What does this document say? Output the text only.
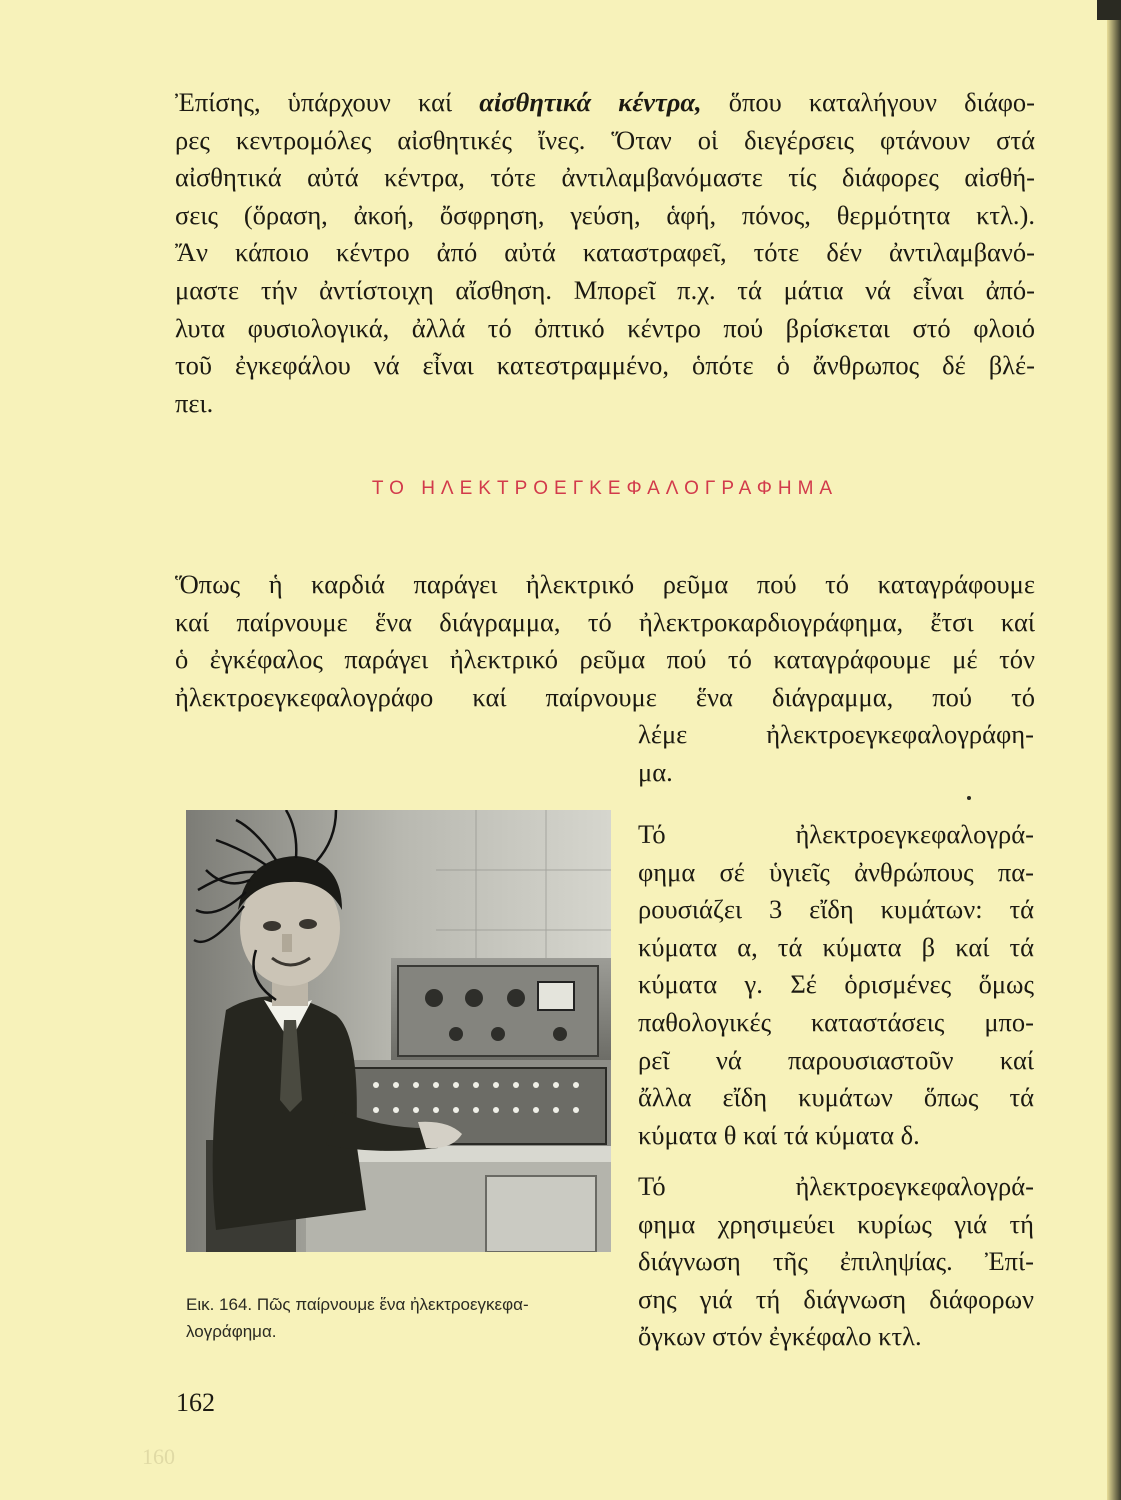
Ἐπίσης, ὑπάρχουν καί αἰσθητικά κέντρα, ὅπου καταλήγουν διάφο-
ρες κεντρομόλες αἰσθητικές ἴνες. Ὅταν οἱ διεγέρσεις φτάνουν στά
αἰσθητικά αὐτά κέντρα, τότε ἀντιλαμβανόμαστε τίς διάφορες αἰσθή-
σεις (ὅραση, ἀκοή, ὄσφρηση, γεύση, ἁφή, πόνος, θερμότητα κτλ.).
Ἄν κάποιο κέντρο ἀπό αὐτά καταστραφεῖ, τότε δέν ἀντιλαμβανό-
μαστε τήν ἀντίστοιχη αἴσθηση. Μπορεῖ π.χ. τά μάτια νά εἶναι ἀπό-
λυτα φυσιολογικά, ἀλλά τό ὀπτικό κέντρο πού βρίσκεται στό φλοιό
τοῦ ἐγκεφάλου νά εἶναι κατεστραμμένο, ὁπότε ὁ ἄνθρωπος δέ βλέ-
πει.
ΤΟ ΗΛΕΚΤΡΟΕΓΚΕΦΑΛΟΓΡΑΦΗΜΑ
Ὅπως ἡ καρδιά παράγει ἠλεκτρικό ρεῦμα πού τό καταγράφουμε
καί παίρνουμε ἕνα διάγραμμα, τό ἠλεκτροκαρδιογράφημα, ἔτσι καί
ὁ ἐγκέφαλος παράγει ἠλεκτρικό ρεῦμα πού τό καταγράφουμε μέ τόν
ἠλεκτροεγκεφαλογράφο καί παίρνουμε ἕνα διάγραμμα, πού τό
λέμε ἠλεκτροεγκεφαλογράφη-
μα.
Εικ. 164. Πῶς παίρνουμε ἕνα ἠλεκτροεγκεφα-
λογράφημα.
Τό ἠλεκτροεγκεφαλογρά-
φημα σέ ὑγιεῖς ἀνθρώπους πα-
ρουσιάζει 3 εἴδη κυμάτων: τά
κύματα α, τά κύματα β καί τά
κύματα γ. Σέ ὁρισμένες ὅμως
παθολογικές καταστάσεις μπο-
ρεῖ νά παρουσιαστοῦν καί
ἄλλα εἴδη κυμάτων ὅπως τά
κύματα θ καί τά κύματα δ.
Τό ἠλεκτροεγκεφαλογρά-
φημα χρησιμεύει κυρίως γιά τή
διάγνωση τῆς ἐπιληψίας. Ἐπί-
σης γιά τή διάγνωση διάφορων
ὄγκων στόν ἐγκέφαλο κτλ.
162
160
